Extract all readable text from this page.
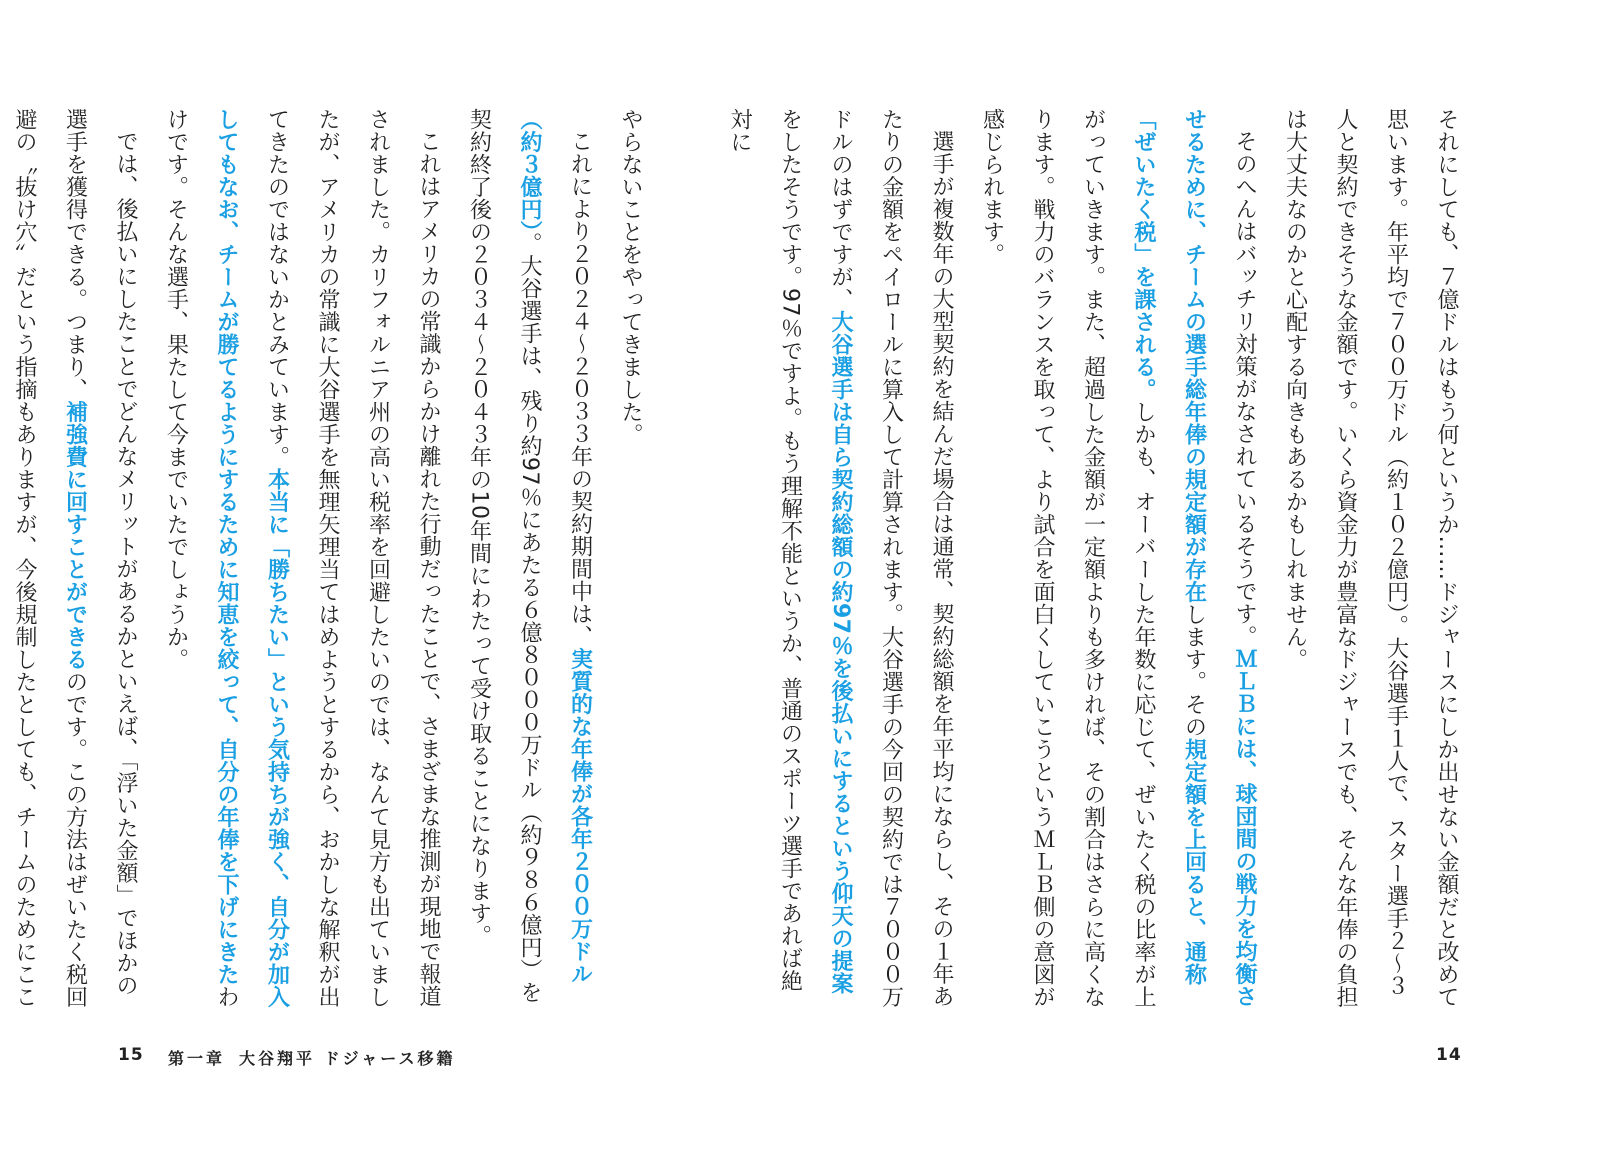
それにしても、７億ドルはもう何というか……ドジャースにしか出せない金額だと改めて思います。年平均で７００万ドル（約１０２億円）。大谷選手１人で、スター選手２〜３人と契約できそうな金額です。いくら資金力が豊富なドジャースでも、そんな年俸の負担は大丈夫なのかと心配する向きもあるかもしれません。

そのへんはバッチリ対策がなされているそうです。ＭＬＢには、球団間の戦力を均衡させるために、チームの選手総年俸の規定額が存在します。その規定額を上回ると、通称「ぜいたく税」を課される。しかも、オーバーした年数に応じて、ぜいたく税の比率が上がっていきます。また、超過した金額が一定額よりも多ければ、その割合はさらに高くなります。戦力のバランスを取って、より試合を面白くしていこうというＭＬＢ側の意図が感じられます。

選手が複数年の大型契約を結んだ場合は通常、契約総額を年平均にならし、その１年あたりの金額をペイロールに算入して計算されます。大谷選手の今回の契約では７０００万ドルのはずですが、大谷選手は自ら契約総額の約97％を後払いにするという仰天の提案をしたそうです。97％ですよ。もう理解不能というか、普通のスポーツ選手であれば絶対に

14

やらないことをやってきました。

これにより２０２４〜２０３３年の契約期間中は、実質的な年俸が各年２００万ドル（約３億円）。大谷選手は、残り約97％にあたる６億８０００万ドル（約９８６億円）を契約終了後の２０３４〜２０４３年の10年間にわたって受け取ることになります。

これはアメリカの常識からかけ離れた行動だったことで、さまざまな推測が現地で報道されました。カリフォルニア州の高い税率を回避したいのでは、なんて見方も出ていましたが、アメリカの常識に大谷選手を無理矢理当てはめようとするから、おかしな解釈が出てきたのではないかとみています。本当に「勝ちたい」という気持ちが強く、自分が加入してもなお、チームが勝てるようにするために知恵を絞って、自分の年俸を下げにきたわけです。そんな選手、果たして今までいたでしょうか。

では、後払いにしたことでどんなメリットがあるかといえば、「浮いた金額」でほかの選手を獲得できる。つまり、補強費に回すことができるのです。この方法はぜいたく税回避の〝抜け穴〟だという指摘もありますが、今後規制したとしても、チームのためにここ

15 第一章 大谷翔平 ドジャース移籍
